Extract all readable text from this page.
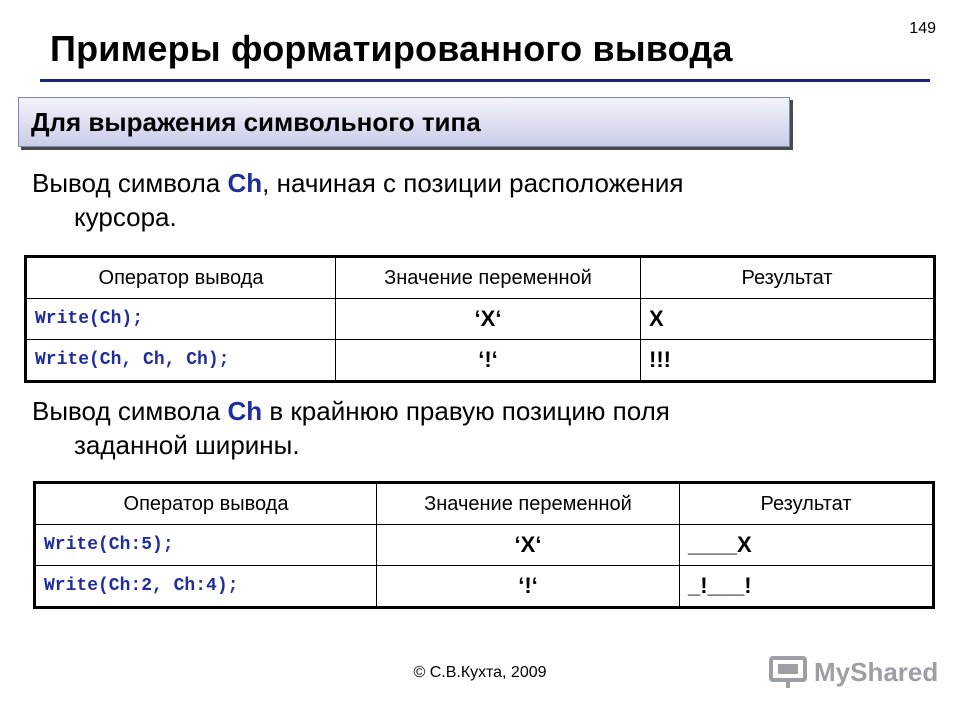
149
Примеры форматированного вывода
Для выражения символьного типа
Вывод символа Ch, начиная с позиции расположения
курсора.
Оператор вывода	Значение переменной	Результат
Write(Ch);	‘X‘	X
Write(Ch, Ch, Ch);	‘!‘	!!!
Вывод символа Ch в крайнюю правую позицию поля
заданной ширины.
Оператор вывода	Значение переменной	Результат
Write(Ch:5);	‘X‘	____X
Write(Ch:2, Ch:4);	‘!‘	_!___!
© С.В.Кухта, 2009	MyShared
